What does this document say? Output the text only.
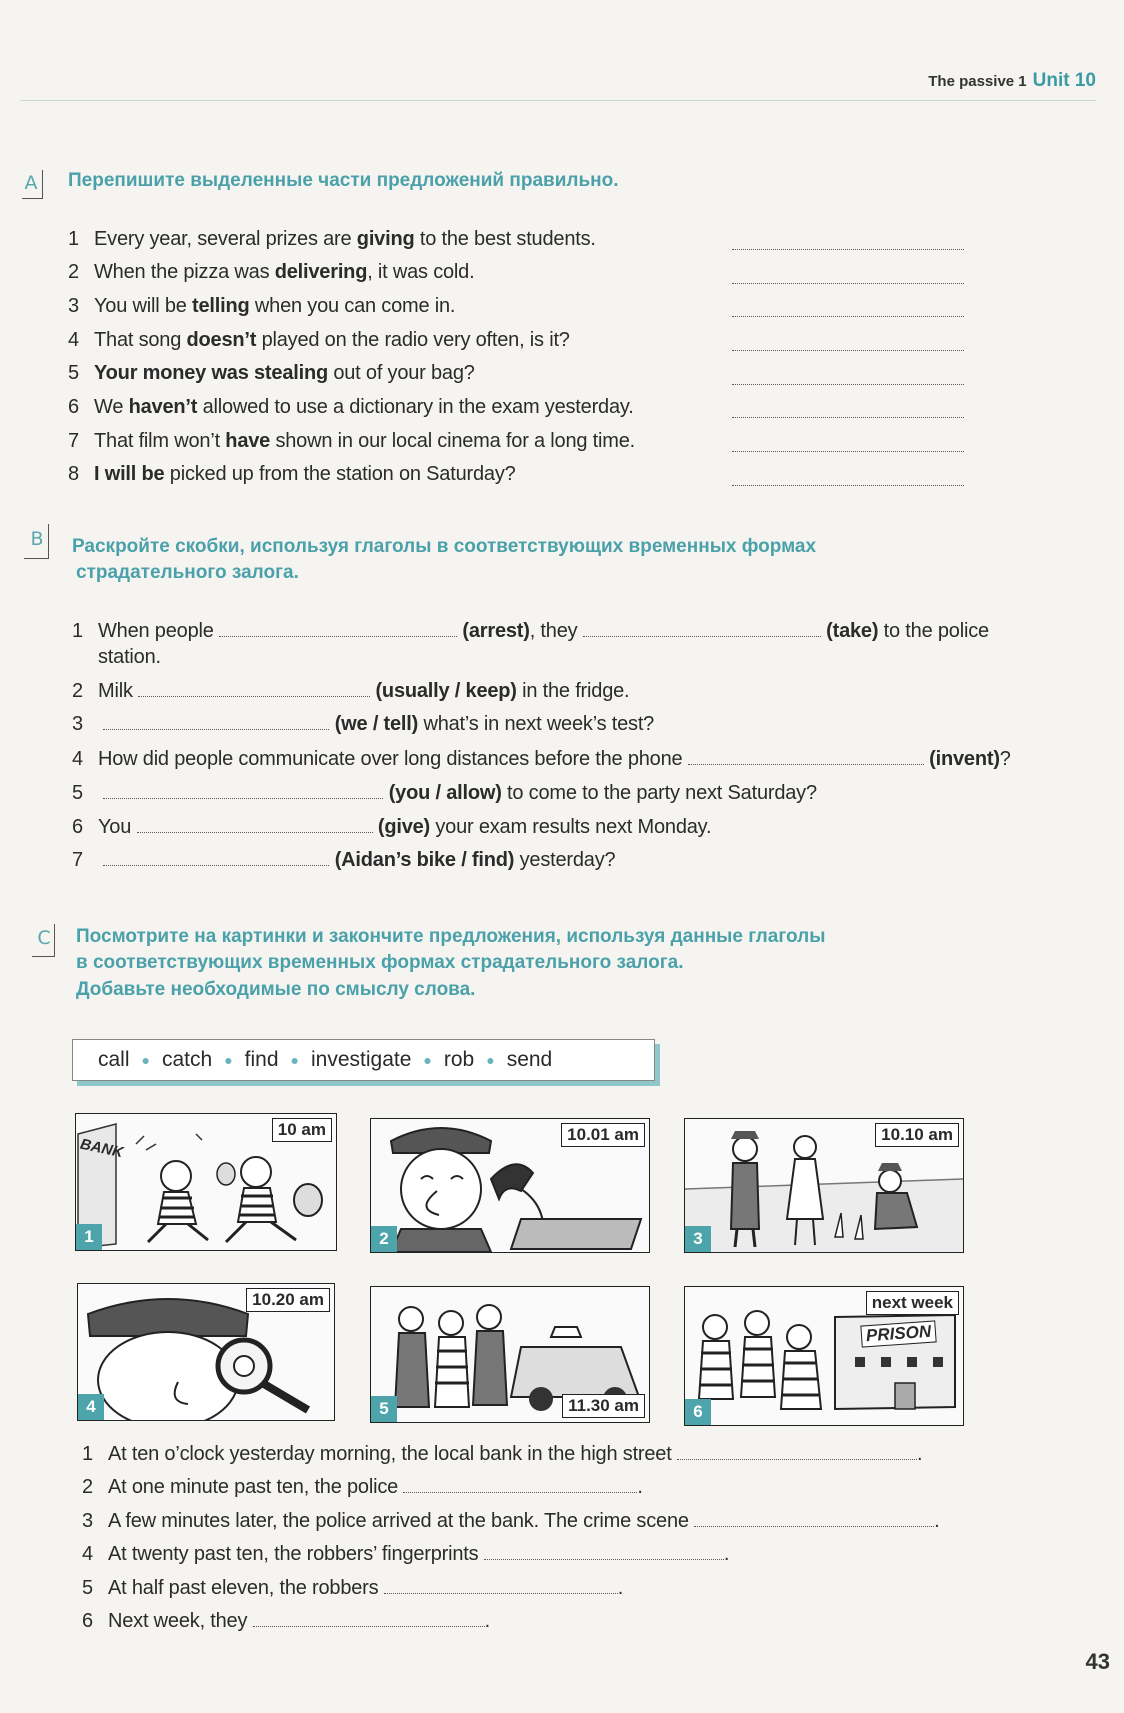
The passive 1 Unit 10
A Перепишите выделенные части предложений правильно.
1 Every year, several prizes are giving to the best students.
2 When the pizza was delivering, it was cold.
3 You will be telling when you can come in.
4 That song doesn’t played on the radio very often, is it?
5 Your money was stealing out of your bag?
6 We haven’t allowed to use a dictionary in the exam yesterday.
7 That film won’t have shown in our local cinema for a long time.
8 I will be picked up from the station on Saturday?
B Раскройте скобки, используя глаголы в соответствующих временных формах
страдательного залога.
1 When people	(arrest), they	(take) to the police
station.
2 Milk	(usually / keep) in the fridge.
3	(we / tell) what’s in next week’s test?
4 How did people communicate over long distances before the phone	(invent)?
5	(you / allow) to come to the party next Saturday?
6 You	(give) your exam results next Monday.
7	(Aidan’s bike / find) yesterday?
C Посмотрите на картинки и закончите предложения, используя данные глаголы
в соответствующих временных формах страдательного залога.
Добавьте необходимые по смыслу слова.
call ● catch ● find ● investigate ● rob ● send
BANK
10 am
1
10.01 am
2
10.10 am
3
10.20 am
4	11.30 am
5
PRISON
next week
6
1 At ten o’clock yesterday morning, the local bank in the high street	.
2 At one minute past ten, the police	.
3 A few minutes later, the police arrived at the bank. The crime scene	.
4 At twenty past ten, the robbers’ fingerprints	.
5 At half past eleven, the robbers	.
6 Next week, they	.
43
